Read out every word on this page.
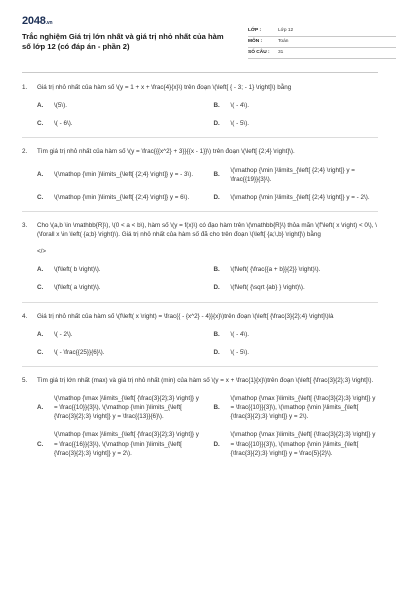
2048.vn
Trắc nghiệm Giá trị lớn nhất và giá trị nhỏ nhất của hàm số lớp 12 (có đáp án - phần 2)
LỚP :	Lớp 12
MÔN :	Toán
SỐ CÂU :	31
1.	Giá trị nhỏ nhất của hàm số \(y = 1 + x + \frac{4}{x}\) trên đoạn \(\left[ { - 3; - 1} \right]\) bằng
A.	\(5\).	B.	\( - 4\).
C.	\( - 6\).	D.	\( - 5\).
2.	Tìm giá trị nhỏ nhất của hàm số \(y = \frac{{{x^2} + 3}}{{x - 1}}\) trên đoạn \(\left[ {2;4} \right]\).
A.	\(\mathop {\min }\limits_{\left[ {2;4} \right]} y = - 3\).	B.
\(\mathop {\min }\limits_{\left[ {2;4} \right]} y = \frac{{19}}{3}\).
C.	\(\mathop {\min }\limits_{\left[ {2;4} \right]} y = 6\).	D.	\(\mathop {\min }\limits_{\left[ {2;4} \right]} y = - 2\).
3.	Cho \(a,b \in \mathbb{R}\), \(0 < a < b\), hàm số \(y = f(x)\) có đạo hàm trên \(\mathbb{R}\) thỏa mãn \(f'\left( x \right) < 0\), \(\forall x \in \left( {a;b} \right)\). Giá trị nhỏ nhất của hàm số đã cho trên đoạn \(\left[ {a;\,b} \right]\) bằng
</>
A.	\(f\left( b \right)\).	B.	\(f\left( {\frac{{a + b}}{2}} \right)\).
C.	\(f\left( a \right)\).	D.	\(f\left( {\sqrt {ab} } \right)\).
4.	Giá trị nhỏ nhất của hàm số \(f\left( x \right) = \frac{{ - {x^2} - 4}}{x}\)trên đoạn \(\left[ {\frac{3}{2};4} \right]\)là
A.	\( - 2\).	B.	\( - 4\).
C.	\( - \frac{{25}}{6}\).	D.	\( - 5\).
5.	Tìm giá trị lớn nhất (max) và giá trị nhỏ nhất (min) của hàm số \(y = x + \frac{1}{x}\)trên đoạn \(\left[ {\frac{3}{2};3} \right]\).
A.
\(\mathop {\max }\limits_{\left[ {\frac{3}{2};3} \right]} y = \frac{{10}}{3}\), \(\mathop {\min }\limits_{\left[ {\frac{3}{2};3} \right]} y = \frac{{13}}{6}\).
B.
\(\mathop {\max }\limits_{\left[ {\frac{3}{2};3} \right]} y = \frac{{10}}{3}\), \(\mathop {\min }\limits_{\left[ {\frac{3}{2};3} \right]} y = 2\).
C.
\(\mathop {\max }\limits_{\left[ {\frac{3}{2};3} \right]} y = \frac{{16}}{3}\), \(\mathop {\min }\limits_{\left[ {\frac{3}{2};3} \right]} y = 2\).
D.
\(\mathop {\max }\limits_{\left[ {\frac{3}{2};3} \right]} y = \frac{{10}}{3}\), \(\mathop {\min }\limits_{\left[ {\frac{3}{2};3} \right]} y = \frac{5}{2}\).
